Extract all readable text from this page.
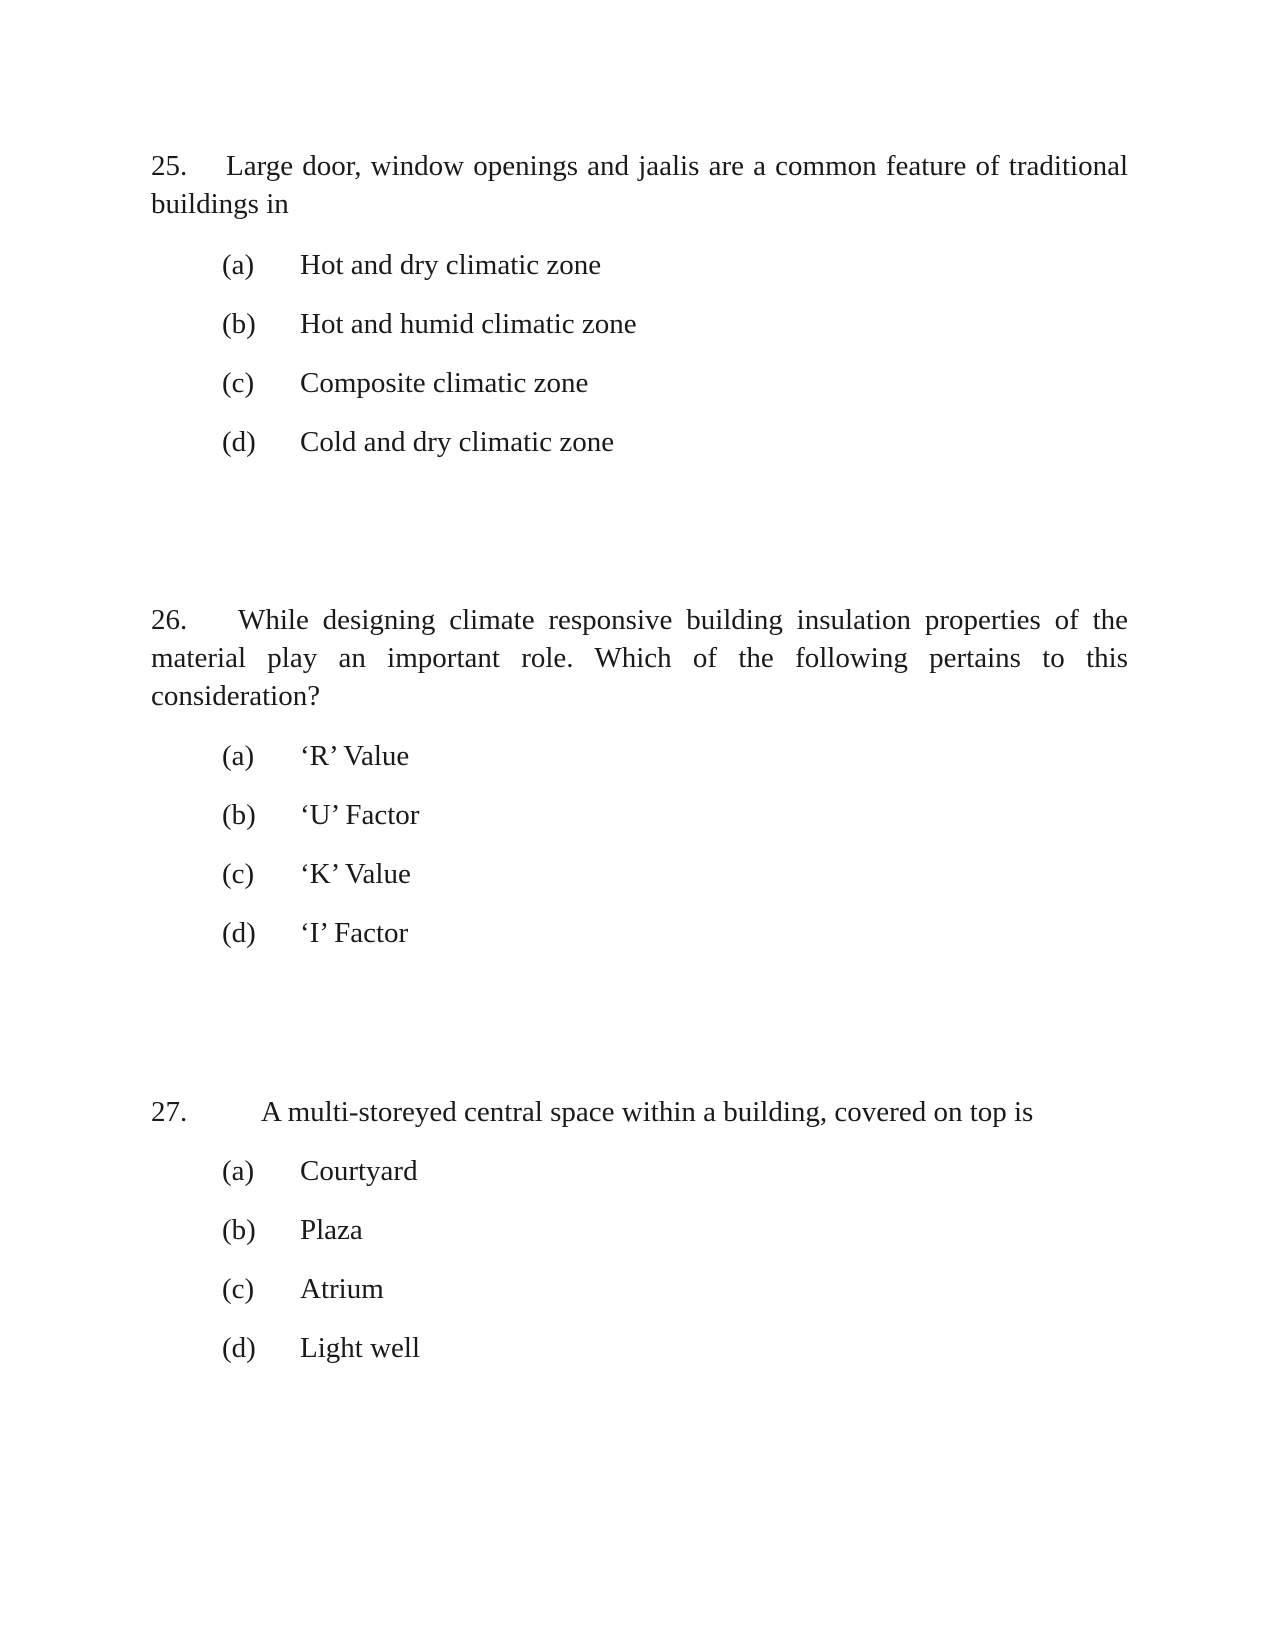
25. Large door, window openings and jaalis are a common feature of traditional buildings in
(a) Hot and dry climatic zone
(b) Hot and humid climatic zone
(c) Composite climatic zone
(d) Cold and dry climatic zone
26. While designing climate responsive building insulation properties of the material play an important role. Which of the following pertains to this consideration?
(a) ‘R’ Value
(b) ‘U’ Factor
(c) ‘K’ Value
(d) ‘I’ Factor
27.	A multi-storeyed central space within a building, covered on top is
(a) Courtyard
(b) Plaza
(c) Atrium
(d) Light well
